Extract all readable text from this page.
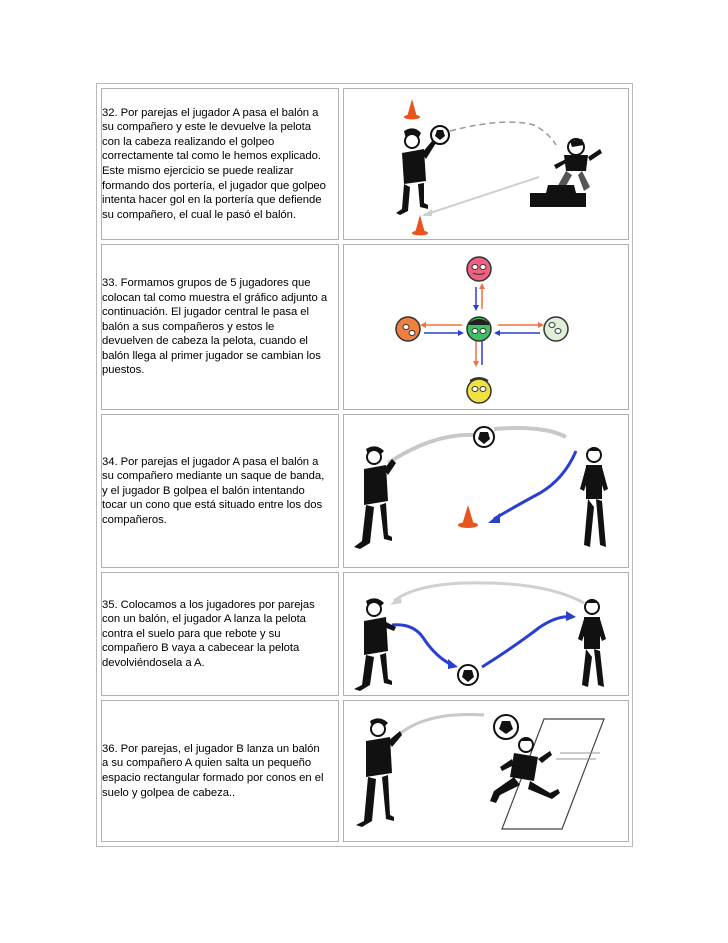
32. Por parejas el jugador A pasa el balón a
su compañero y este le devuelve la pelota
con la cabeza realizando el golpeo
correctamente tal como le hemos explicado.
Este mismo ejercicio se puede realizar
formando dos portería, el jugador que golpeo
intenta hacer gol en la portería que defiende
su compañero, el cual le pasó el balón.

33. Formamos grupos de 5 jugadores que
colocan tal como muestra el gráfico adjunto a
continuación. El jugador central le pasa el
balón a sus compañeros y estos le
devuelven de cabeza la pelota, cuando el
balón llega al primer jugador se cambian los
puestos.

34. Por parejas el jugador A pasa el balón a
su compañero mediante un saque de banda,
y el jugador B golpea el balón intentando
tocar un cono que está situado entre los dos
compañeros.

35. Colocamos a los jugadores por parejas
con un balón, el jugador A lanza la pelota
contra el suelo para que rebote y su
compañero B vaya a cabecear la pelota
devolviéndosela a A.

36. Por parejas, el jugador B lanza un balón
a su compañero A quien salta un pequeño
espacio rectangular formado por conos en el
suelo y golpea de cabeza..
